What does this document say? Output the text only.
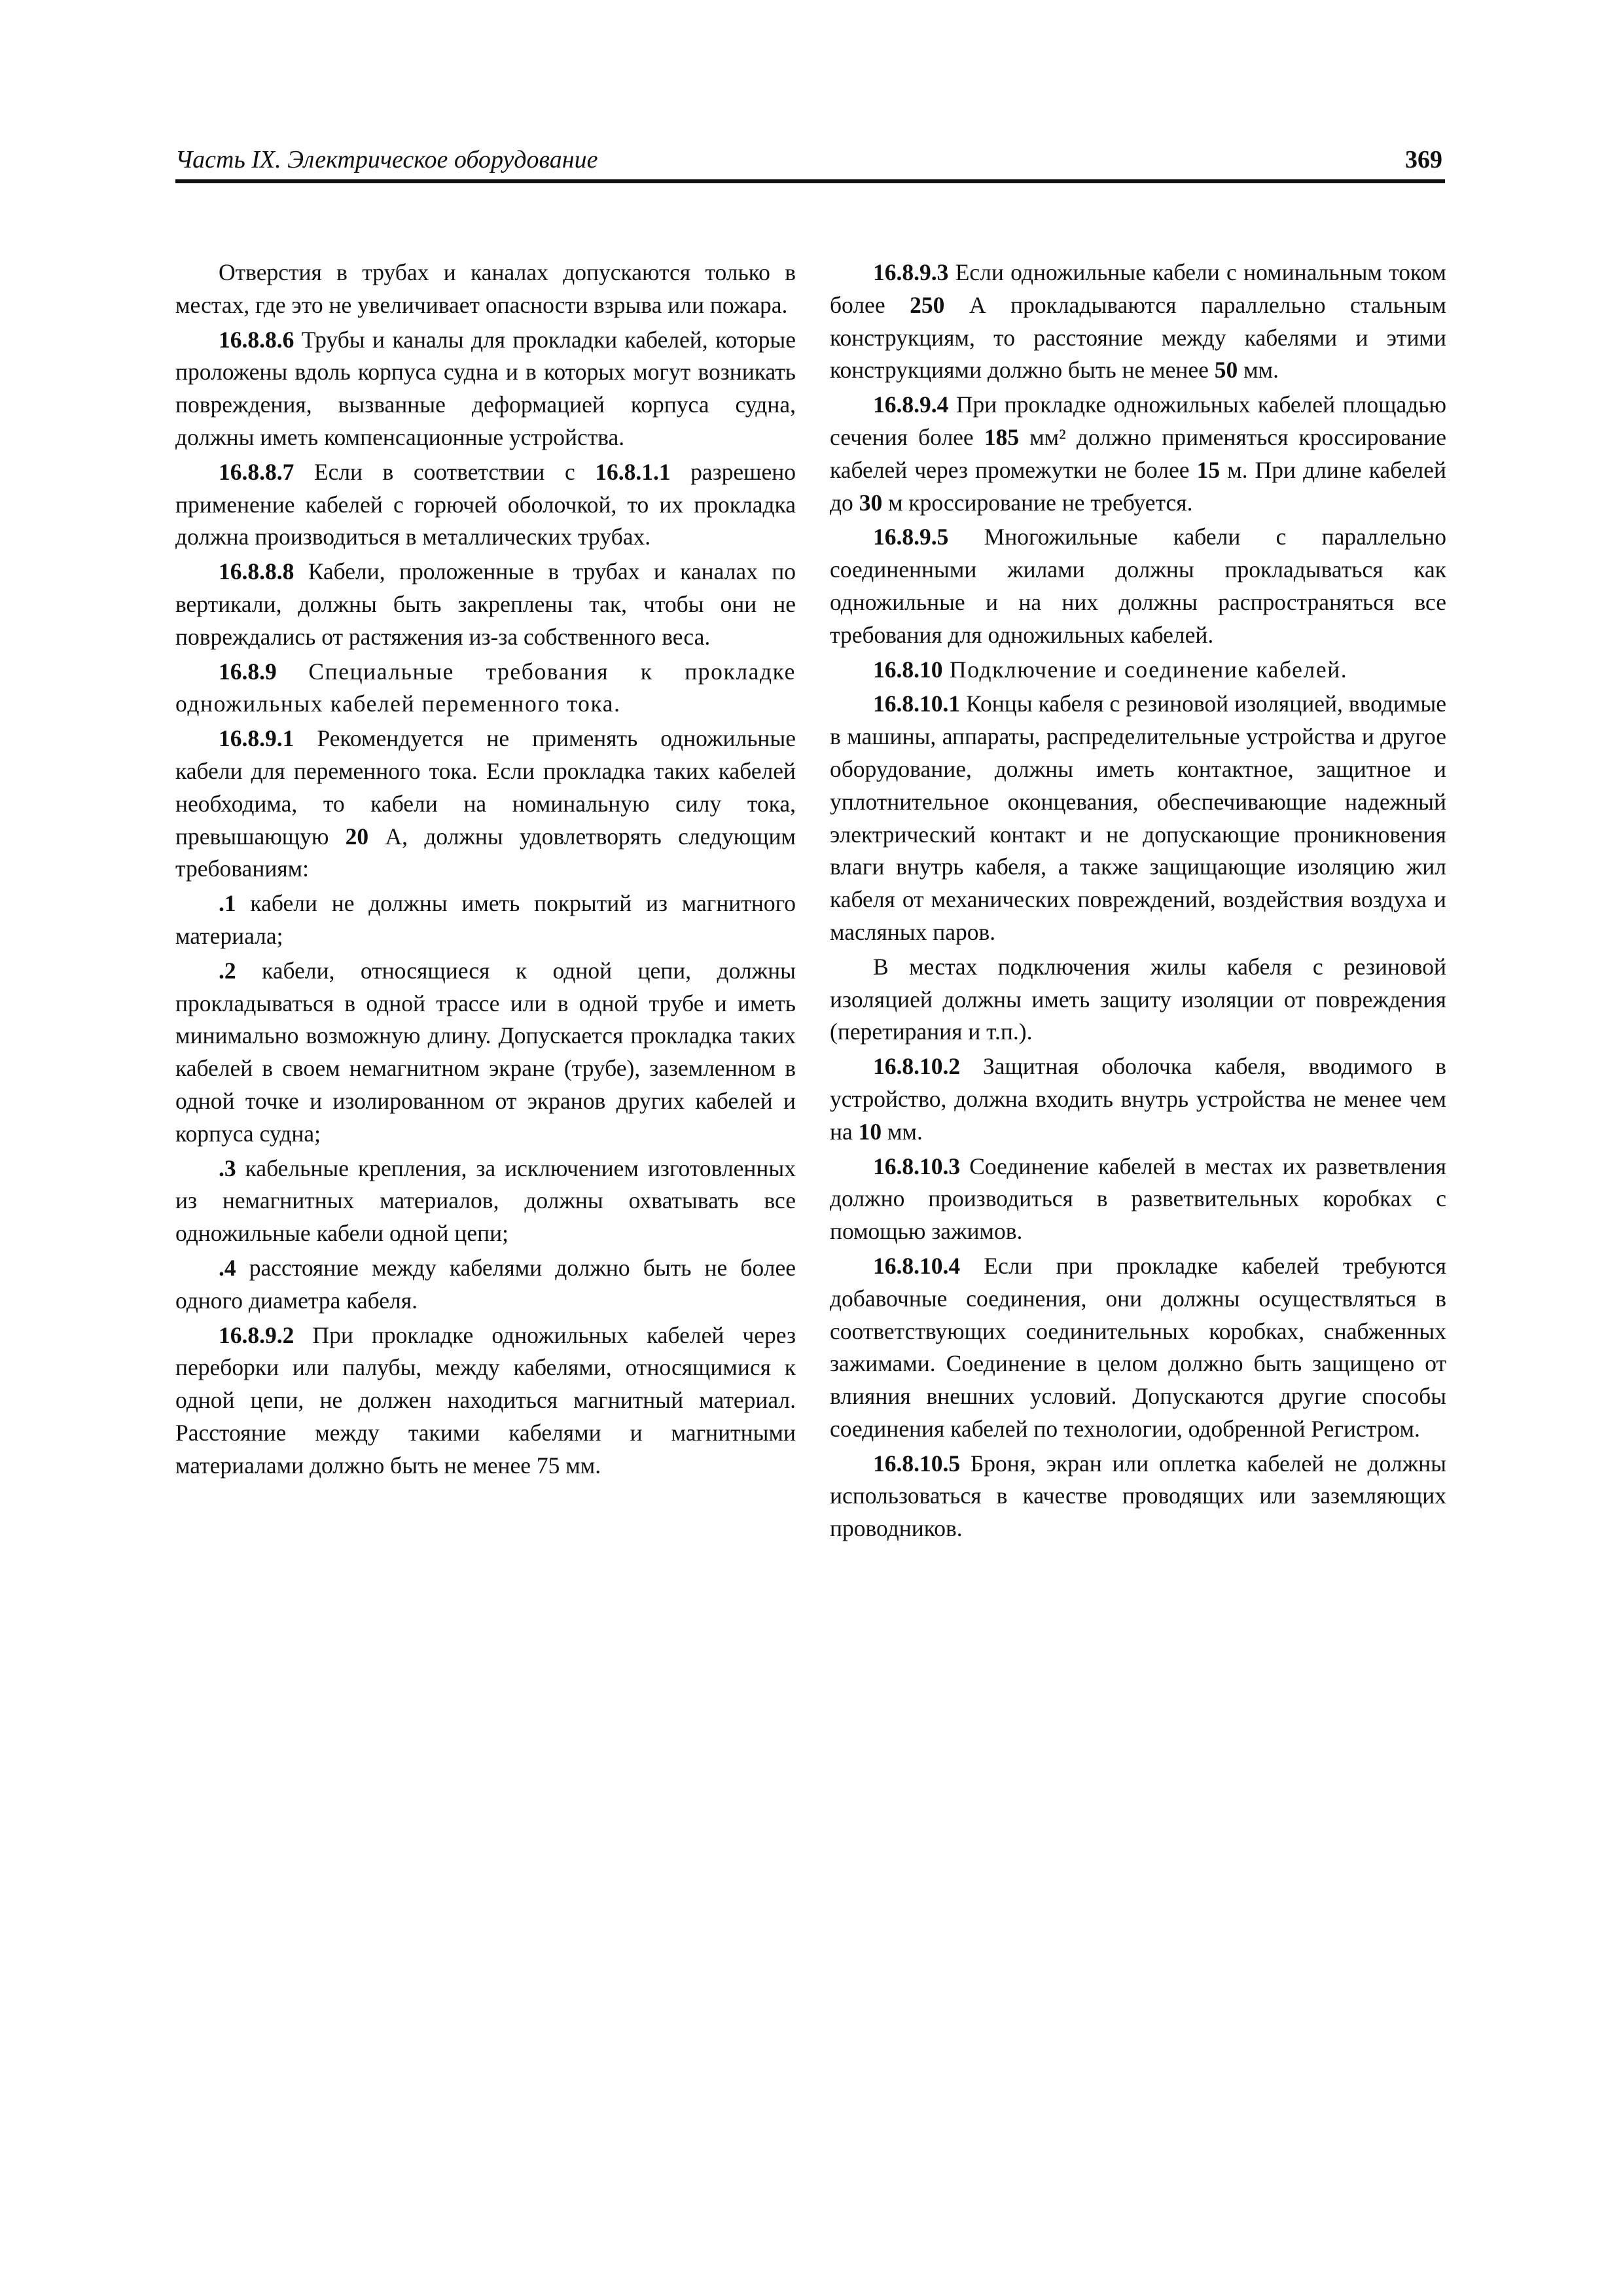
Часть IX. Электрическое оборудование	369

Отверстия в трубах и каналах допускаются только в местах, где это не увеличивает опасности взрыва или пожара.

16.8.8.6 Трубы и каналы для прокладки кабелей, которые проложены вдоль корпуса судна и в которых могут возникать повреждения, вызванные деформацией корпуса судна, должны иметь компенсационные устройства.

16.8.8.7 Если в соответствии с 16.8.1.1 разрешено применение кабелей с горючей оболочкой, то их прокладка должна производиться в металлических трубах.

16.8.8.8 Кабели, проложенные в трубах и каналах по вертикали, должны быть закреплены так, чтобы они не повреждались от растяжения из-за собственного веса.

16.8.9 Специальные требования к прокладке одножильных кабелей переменного тока.

16.8.9.1 Рекомендуется не применять одножильные кабели для переменного тока. Если прокладка таких кабелей необходима, то кабели на номинальную силу тока, превышающую 20 А, должны удовлетворять следующим требованиям:

.1 кабели не должны иметь покрытий из магнитного материала;

.2 кабели, относящиеся к одной цепи, должны прокладываться в одной трассе или в одной трубе и иметь минимально возможную длину. Допускается прокладка таких кабелей в своем немагнитном экране (трубе), заземленном в одной точке и изолированном от экранов других кабелей и корпуса судна;

.3 кабельные крепления, за исключением изготовленных из немагнитных материалов, должны охватывать все одножильные кабели одной цепи;

.4 расстояние между кабелями должно быть не более одного диаметра кабеля.

16.8.9.2 При прокладке одножильных кабелей через переборки или палубы, между кабелями, относящимися к одной цепи, не должен находиться магнитный материал. Расстояние между такими кабелями и магнитными материалами должно быть не менее 75 мм.

16.8.9.3 Если одножильные кабели с номинальным током более 250 А прокладываются параллельно стальным конструкциям, то расстояние между кабелями и этими конструкциями должно быть не менее 50 мм.

16.8.9.4 При прокладке одножильных кабелей площадью сечения более 185 мм² должно применяться кроссирование кабелей через промежутки не более 15 м. При длине кабелей до 30 м кроссирование не требуется.

16.8.9.5 Многожильные кабели с параллельно соединенными жилами должны прокладываться как одножильные и на них должны распространяться все требования для одножильных кабелей.

16.8.10 Подключение и соединение кабелей.

16.8.10.1 Концы кабеля с резиновой изоляцией, вводимые в машины, аппараты, распределительные устройства и другое оборудование, должны иметь контактное, защитное и уплотнительное оконцевания, обеспечивающие надежный электрический контакт и не допускающие проникновения влаги внутрь кабеля, а также защищающие изоляцию жил кабеля от механических повреждений, воздействия воздуха и масляных паров.

В местах подключения жилы кабеля с резиновой изоляцией должны иметь защиту изоляции от повреждения (перетирания и т.п.).

16.8.10.2 Защитная оболочка кабеля, вводимого в устройство, должна входить внутрь устройства не менее чем на 10 мм.

16.8.10.3 Соединение кабелей в местах их разветвления должно производиться в разветвительных коробках с помощью зажимов.

16.8.10.4 Если при прокладке кабелей требуются добавочные соединения, они должны осуществляться в соответствующих соединительных коробках, снабженных зажимами. Соединение в целом должно быть защищено от влияния внешних условий. Допускаются другие способы соединения кабелей по технологии, одобренной Регистром.

16.8.10.5 Броня, экран или оплетка кабелей не должны использоваться в качестве проводящих или заземляющих проводников.
